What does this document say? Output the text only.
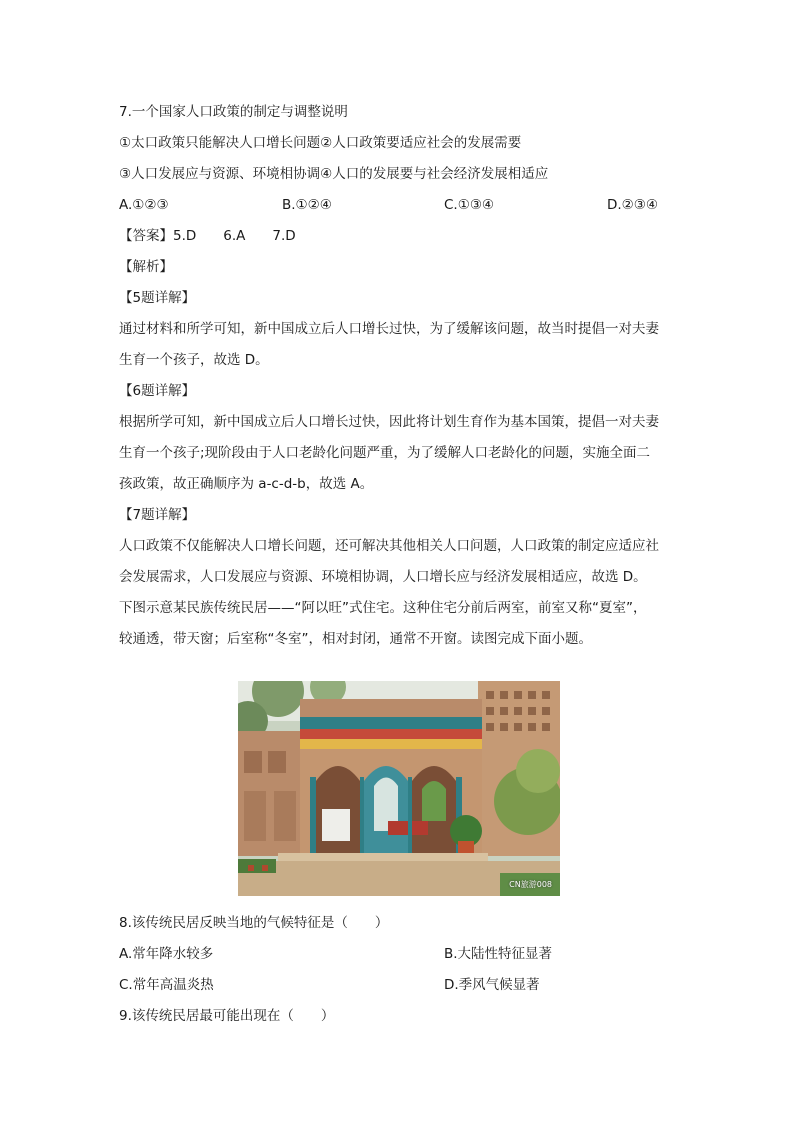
7.一个国家人口政策的制定与调整说明
①太口政策只能解决人口增长问题②人口政策要适应社会的发展需要
③人口发展应与资源、环境相协调④人口的发展要与社会经济发展相适应
A.①②③	B.①②④	C.①③④	D.②③④
【答案】5.D　　6.A　　7.D
【解析】
【5题详解】
通过材料和所学可知，新中国成立后人口增长过快，为了缓解该问题，故当时提倡一对夫妻
生育一个孩子，故选 D。
【6题详解】
根据所学可知，新中国成立后人口增长过快，因此将计划生育作为基本国策，提倡一对夫妻
生育一个孩子;现阶段由于人口老龄化问题严重，为了缓解人口老龄化的问题，实施全面二
孩政策，故正确顺序为 a-c-d-b，故选 A。
【7题详解】
人口政策不仅能解决人口增长问题，还可解决其他相关人口问题，人口政策的制定应适应社
会发展需求，人口发展应与资源、环境相协调，人口增长应与经济发展相适应，故选 D。
下图示意某民族传统民居——“阿以旺”式住宅。这种住宅分前后两室，前室又称“夏室”，
较通透，带天窗；后室称“冬室”，相对封闭，通常不开窗。读图完成下面小题。
CN旅游008
8.该传统民居反映当地的气候特征是（　　）
A.常年降水较多	B.大陆性特征显著
C.常年高温炎热	D.季风气候显著
9.该传统民居最可能出现在（　　）
